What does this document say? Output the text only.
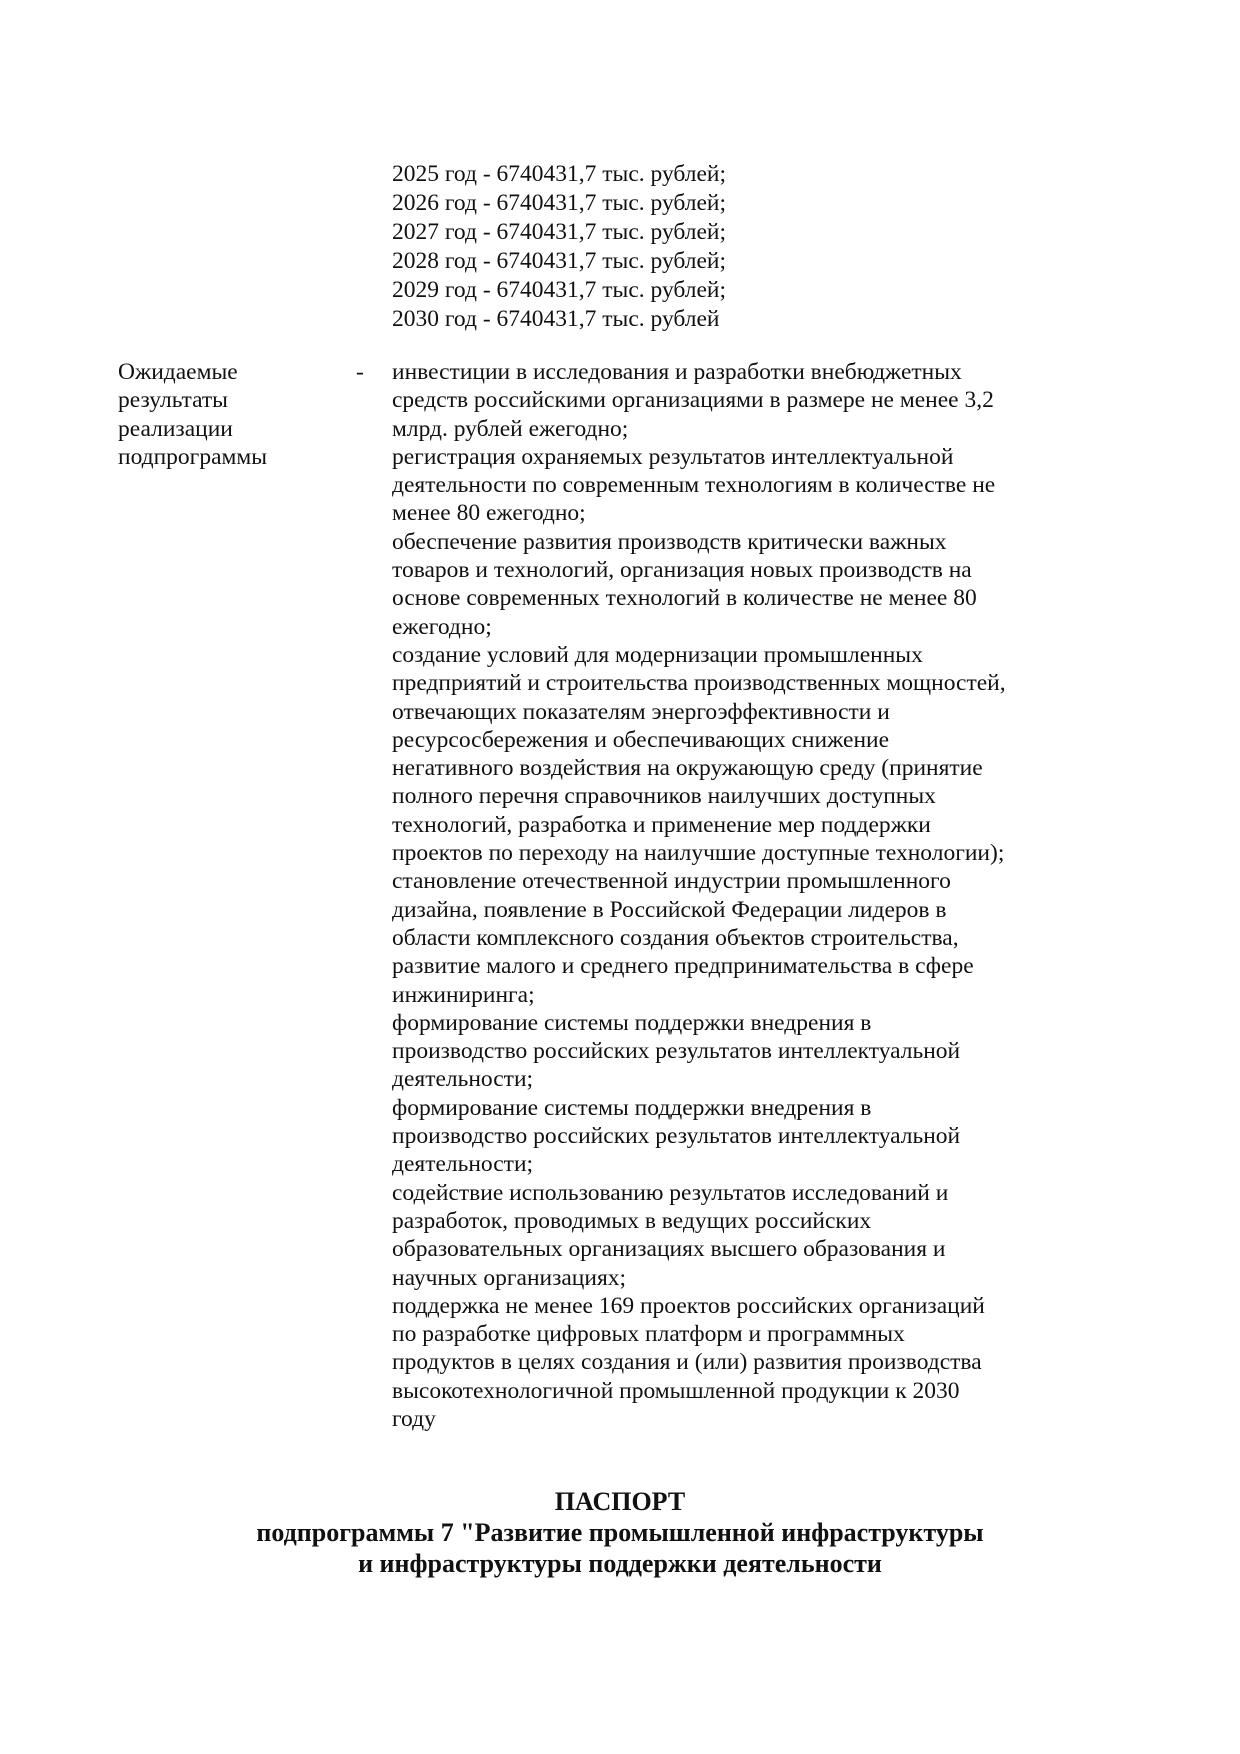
2025 год - 6740431,7 тыс. рублей;
2026 год - 6740431,7 тыс. рублей;
2027 год - 6740431,7 тыс. рублей;
2028 год - 6740431,7 тыс. рублей;
2029 год - 6740431,7 тыс. рублей;
2030 год - 6740431,7 тыс. рублей
Ожидаемые
результаты
реализации
подпрограммы
- инвестиции в исследования и разработки внебюджетных
средств российскими организациями в размере не менее 3,2
млрд. рублей ежегодно;
регистрация охраняемых результатов интеллектуальной
деятельности по современным технологиям в количестве не
менее 80 ежегодно;
обеспечение развития производств критически важных
товаров и технологий, организация новых производств на
основе современных технологий в количестве не менее 80
ежегодно;
создание условий для модернизации промышленных
предприятий и строительства производственных мощностей,
отвечающих показателям энергоэффективности и
ресурсосбережения и обеспечивающих снижение
негативного воздействия на окружающую среду (принятие
полного перечня справочников наилучших доступных
технологий, разработка и применение мер поддержки
проектов по переходу на наилучшие доступные технологии);
становление отечественной индустрии промышленного
дизайна, появление в Российской Федерации лидеров в
области комплексного создания объектов строительства,
развитие малого и среднего предпринимательства в сфере
инжиниринга;
формирование системы поддержки внедрения в
производство российских результатов интеллектуальной
деятельности;
формирование системы поддержки внедрения в
производство российских результатов интеллектуальной
деятельности;
содействие использованию результатов исследований и
разработок, проводимых в ведущих российских
образовательных организациях высшего образования и
научных организациях;
поддержка не менее 169 проектов российских организаций
по разработке цифровых платформ и программных
продуктов в целях создания и (или) развития производства
высокотехнологичной промышленной продукции к 2030
году
ПАСПОРТ
подпрограммы 7 "Развитие промышленной инфраструктуры
и инфраструктуры поддержки деятельности
